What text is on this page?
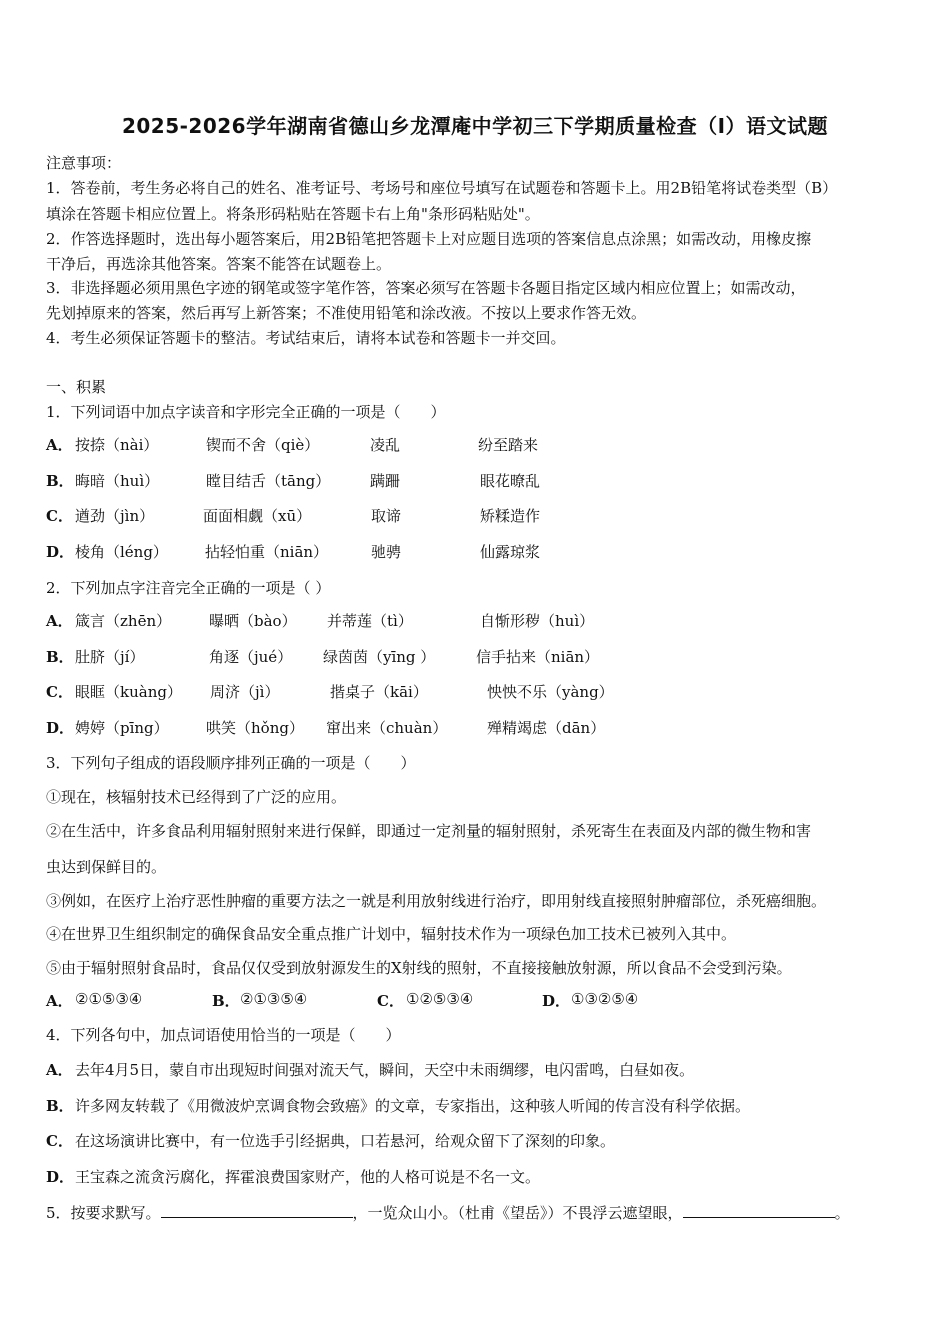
2025-2026学年湖南省德山乡龙潭庵中学初三下学期质量检查（I）语文试题
注意事项：
1．答卷前，考生务必将自己的姓名、准考证号、考场号和座位号填写在试题卷和答题卡上。用2B铅笔将试卷类型（B）
填涂在答题卡相应位置上。将条形码粘贴在答题卡右上角"条形码粘贴处"。
2．作答选择题时，选出每小题答案后，用2B铅笔把答题卡上对应题目选项的答案信息点涂黑；如需改动，用橡皮擦
干净后，再选涂其他答案。答案不能答在试题卷上。
3．非选择题必须用黑色字迹的钢笔或签字笔作答，答案必须写在答题卡各题目指定区域内相应位置上；如需改动，
先划掉原来的答案，然后再写上新答案；不准使用铅笔和涂改液。不按以上要求作答无效。
4．考生必须保证答题卡的整洁。考试结束后，请将本试卷和答题卡一并交回。
一、积累
1．下列词语中加点字读音和字形完全正确的一项是（　　）
A． 按捺（nài）	锲而不舍（qiè）	凌乱	纷至踏来
B． 晦暗（huì）	瞠目结舌（tāng）	蹒跚	眼花暸乱
C． 遒劲（jìn）	面面相觑（xū）	取谛	矫糅造作
D． 棱角（léng） 拈轻怕重（niān）	驰骋	仙露琼浆
2．下列加点字注音完全正确的一项是（ ）
A． 箴言（zhēn）	曝晒（bào） 并蒂莲（tì）	自惭形秽（huì）
B． 肚脐（jí）	角逐（jué） 绿茵茵（yīng ）	信手拈来（niān）
C． 眼眶（kuàng） 周济（jì）	揩桌子（kāi）	怏怏不乐（yàng）
D． 娉婷（pīng） 哄笑（hǒng） 窜出来（chuàn）	殚精竭虑（dān）
3．下列句子组成的语段顺序排列正确的一项是（　　）
①现在，核辐射技术已经得到了广泛的应用。
②在生活中，许多食品利用辐射照射来进行保鲜，即通过一定剂量的辐射照射，杀死寄生在表面及内部的微生物和害
虫达到保鲜目的。
③例如，在医疗上治疗恶性肿瘤的重要方法之一就是利用放射线进行治疗，即用射线直接照射肿瘤部位，杀死癌细胞。
④在世界卫生组织制定的确保食品安全重点推广计划中，辐射技术作为一项绿色加工技术已被列入其中。
⑤由于辐射照射食品时，食品仅仅受到放射源发生的X射线的照射，不直接接触放射源，所以食品不会受到污染。
A． ②①⑤③④	B． ②①③⑤④	C． ①②⑤③④	D． ①③②⑤④
4．下列各句中，加点词语使用恰当的一项是（　　）
A． 去年4月5日，蒙自市出现短时间强对流天气，瞬间，天空中未雨绸缪，电闪雷鸣，白昼如夜。
B． 许多网友转载了《用微波炉烹调食物会致癌》的文章，专家指出，这种骇人听闻的传言没有科学依据。
C． 在这场演讲比赛中，有一位选手引经据典，口若悬河，给观众留下了深刻的印象。
D． 王宝森之流贪污腐化，挥霍浪费国家财产，他的人格可说是不名一文。
5．按要求默写。	，一览众山小。（杜甫《望岳》）不畏浮云遮望眼，	。
